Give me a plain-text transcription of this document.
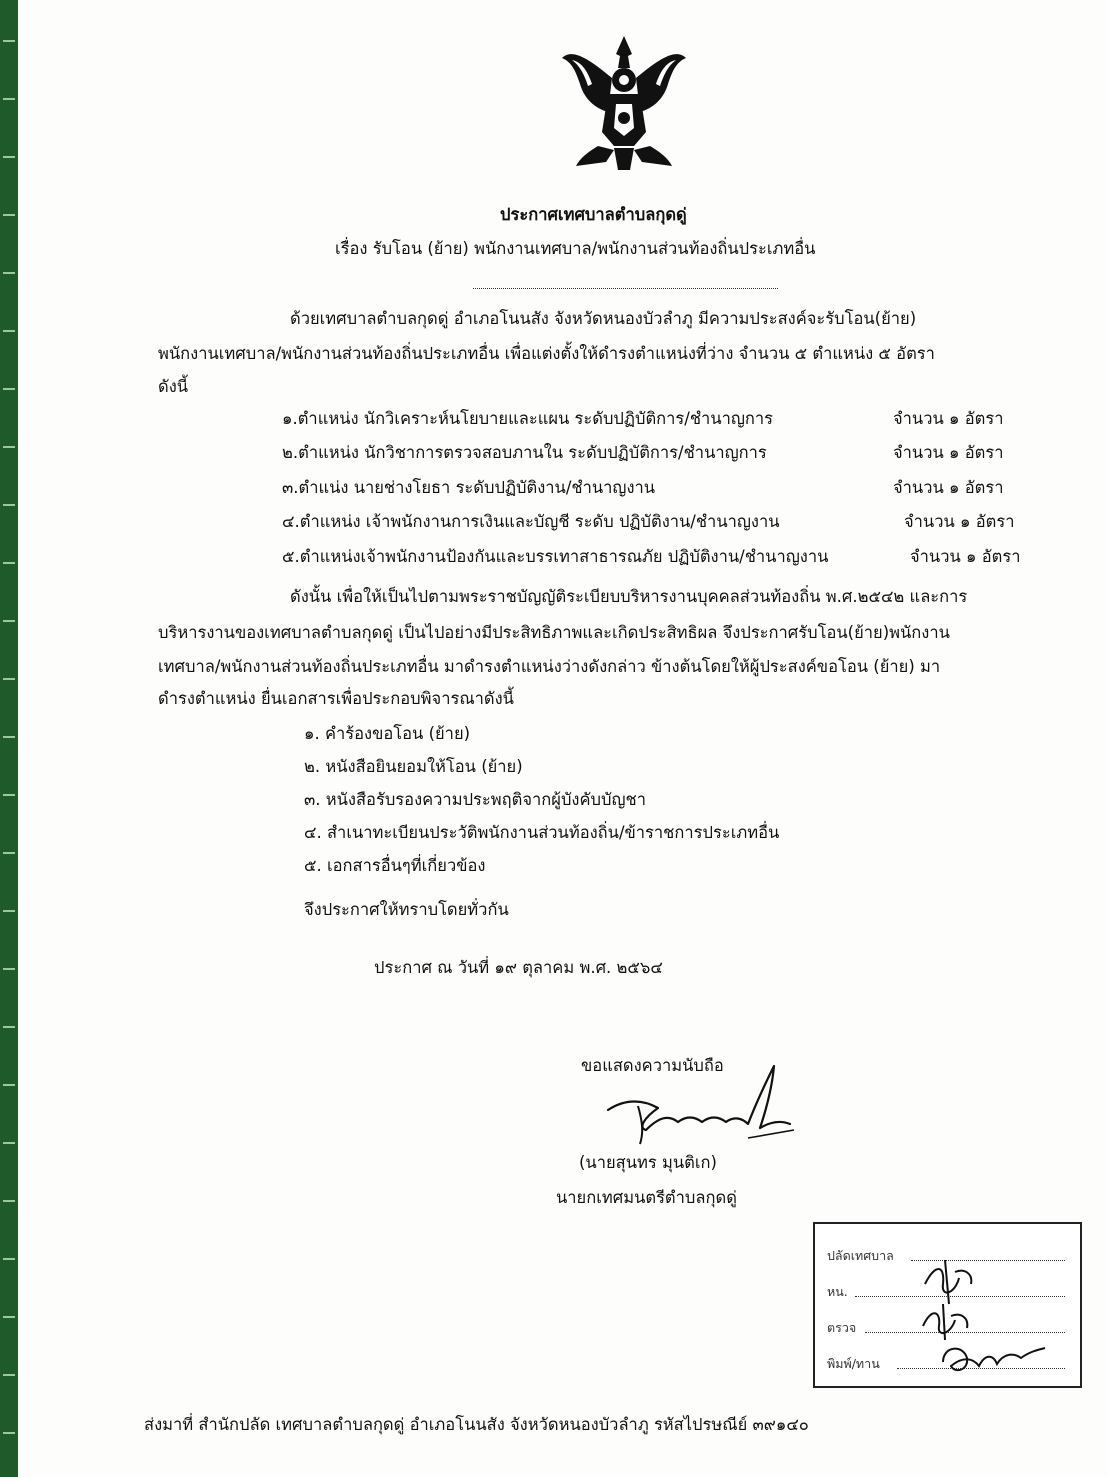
ประกาศเทศบาลตำบลกุดดู่
เรื่อง รับโอน (ย้าย) พนักงานเทศบาล/พนักงานส่วนท้องถิ่นประเภทอื่น
ด้วยเทศบาลตำบลกุดดู่ อำเภอโนนสัง จังหวัดหนองบัวลำภู มีความประสงค์จะรับโอน(ย้าย)
พนักงานเทศบาล/พนักงานส่วนท้องถิ่นประเภทอื่น เพื่อแต่งตั้งให้ดำรงตำแหน่งที่ว่าง จำนวน ๕ ตำแหน่ง ๕ อัตรา
ดังนี้
๑.ตำแหน่ง นักวิเคราะห์นโยบายและแผน ระดับปฏิบัติการ/ชำนาญการ	จำนวน ๑ อัตรา
๒.ตำแหน่ง นักวิชาการตรวจสอบภานใน ระดับปฏิบัติการ/ชำนาญการ	จำนวน ๑ อัตรา
๓.ตำแน่ง นายช่างโยธา ระดับปฏิบัติงาน/ชำนาญงาน	จำนวน ๑ อัตรา
๔.ตำแหน่ง เจ้าพนักงานการเงินและบัญชี ระดับ ปฏิบัติงาน/ชำนาญงาน	จำนวน ๑ อัตรา
๕.ตำแหน่งเจ้าพนักงานป้องกันและบรรเทาสาธารณภัย ปฏิบัติงาน/ชำนาญงาน	จำนวน ๑ อัตรา
ดังนั้น เพื่อให้เป็นไปตามพระราชบัญญัติระเบียบบริหารงานบุคคลส่วนท้องถิ่น พ.ศ.๒๕๔๒ และการ
บริหารงานของเทศบาลตำบลกุดดู่ เป็นไปอย่างมีประสิทธิภาพและเกิดประสิทธิผล จึงประกาศรับโอน(ย้าย)พนักงาน
เทศบาล/พนักงานส่วนท้องถิ่นประเภทอื่น มาดำรงตำแหน่งว่างดังกล่าว ข้างต้นโดยให้ผู้ประสงค์ขอโอน (ย้าย) มา
ดำรงตำแหน่ง ยื่นเอกสารเพื่อประกอบพิจารณาดังนี้
๑. คำร้องขอโอน (ย้าย)
๒. หนังสือยินยอมให้โอน (ย้าย)
๓. หนังสือรับรองความประพฤติจากผู้บังคับบัญชา
๔. สำเนาทะเบียนประวัติพนักงานส่วนท้องถิ่น/ข้าราชการประเภทอื่น
๕. เอกสารอื่นๆที่เกี่ยวข้อง
จึงประกาศให้ทราบโดยทั่วกัน
ประกาศ ณ วันที่ ๑๙ ตุลาคม พ.ศ. ๒๕๖๔
ขอแสดงความนับถือ
(นายสุนทร มุนติเก)
นายกเทศมนตรีตำบลกุดดู่
ปลัดเทศบาล
หน.
ตรวจ
พิมพ์/ทาน
ส่งมาที่ สำนักปลัด เทศบาลตำบลกุดดู่ อำเภอโนนสัง จังหวัดหนองบัวลำภู รหัสไปรษณีย์ ๓๙๑๔๐
